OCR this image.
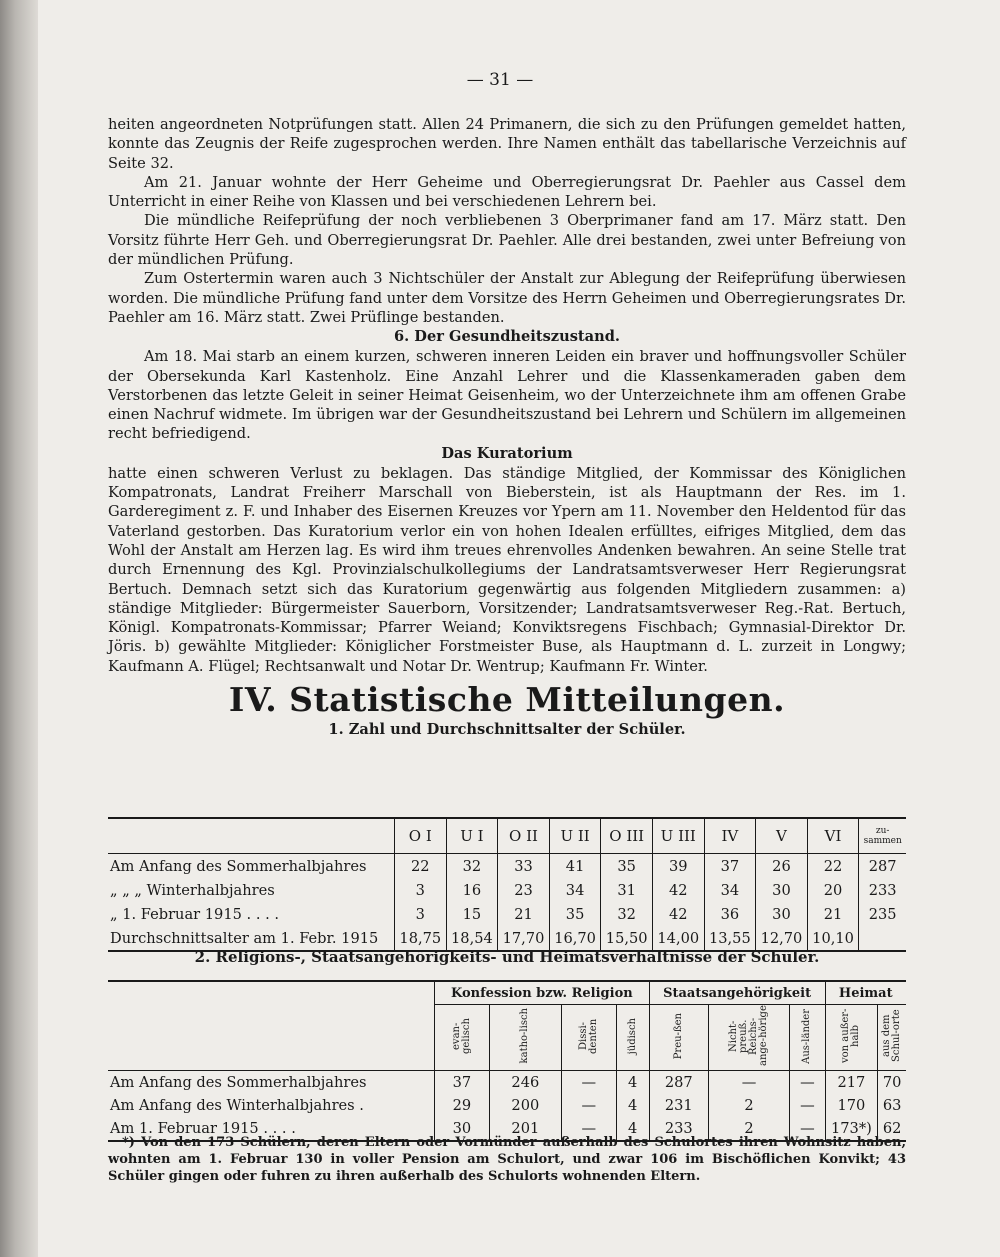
— 31 —

heiten angeordneten Notprüfungen statt. Allen 24 Primanern, die sich zu den Prüfungen gemeldet hatten, konnte das Zeugnis der Reife zugesprochen werden. Ihre Namen enthält das tabellarische Verzeichnis auf Seite 32.

Am 21. Januar wohnte der Herr Geheime und Oberregierungsrat Dr. Paehler aus Cassel dem Unterricht in einer Reihe von Klassen und bei verschiedenen Lehrern bei.

Die mündliche Reifeprüfung der noch verbliebenen 3 Oberprimaner fand am 17. März statt. Den Vorsitz führte Herr Geh. und Oberregierungsrat Dr. Paehler. Alle drei bestanden, zwei unter Befreiung von der mündlichen Prüfung.

Zum Ostertermin waren auch 3 Nichtschüler der Anstalt zur Ablegung der Reifeprüfung überwiesen worden. Die mündliche Prüfung fand unter dem Vorsitze des Herrn Geheimen und Oberregierungsrates Dr. Paehler am 16. März statt. Zwei Prüflinge bestanden.

6. Der Gesundheitszustand.

Am 18. Mai starb an einem kurzen, schweren inneren Leiden ein braver und hoffnungsvoller Schüler der Obersekunda Karl Kastenholz. Eine Anzahl Lehrer und die Klassenkameraden gaben dem Verstorbenen das letzte Geleit in seiner Heimat Geisenheim, wo der Unterzeichnete ihm am offenen Grabe einen Nachruf widmete. Im übrigen war der Gesundheitszustand bei Lehrern und Schülern im allgemeinen recht befriedigend.

Das Kuratorium

hatte einen schweren Verlust zu beklagen. Das ständige Mitglied, der Kommissar des Königlichen Kompatronats, Landrat Freiherr Marschall von Bieberstein, ist als Hauptmann der Res. im 1. Garderegiment z. F. und Inhaber des Eisernen Kreuzes vor Ypern am 11. November den Heldentod für das Vaterland gestorben. Das Kuratorium verlor ein von hohen Idealen erfülltes, eifriges Mitglied, dem das Wohl der Anstalt am Herzen lag. Es wird ihm treues ehrenvolles Andenken bewahren. An seine Stelle trat durch Ernennung des Kgl. Provinzialschulkollegiums der Landratsamtsverweser Herr Regierungsrat Bertuch. Demnach setzt sich das Kuratorium gegenwärtig aus folgenden Mitgliedern zusammen: a) ständige Mitglieder: Bürgermeister Sauerborn, Vorsitzender; Landratsamtsverweser Reg.-Rat. Bertuch, Königl. Kompatronats-Kommissar; Pfarrer Weiand; Konviktsregens Fischbach; Gymnasial-Direktor Dr. Jöris. b) gewählte Mitglieder: Königlicher Forstmeister Buse, als Hauptmann d. L. zurzeit in Longwy; Kaufmann A. Flügel; Rechtsanwalt und Notar Dr. Wentrup; Kaufmann Fr. Winter.

IV. Statistische Mitteilungen.
1. Zahl und Durchschnittsalter der Schüler.
	O I	U I	O II	U II	O III	U III	IV	V	VI	zu-
sammen

Am Anfang des Sommerhalbjahres	22	32	33	41	35	39	37	26	22	287
„ „ „ Winterhalbjahres	3	16	23	34	31	42	34	30	20	233
„ 1. Februar 1915 . . . .	3	15	21	35	32	42	36	30	21	235
Durchschnittsalter am 1. Febr. 1915	18,75	18,54	17,70	16,70	15,50	14,00	13,55	12,70	10,10	
2. Religions-, Staatsangehörigkeits- und Heimatsverhältnisse der Schüler.
	Konfession bzw. Religion				Staatsangehörigkeit			Heimat	
	evan-gelisch	katho-lisch	Dissi-denten	jüdisch	Preu-ßen	Nicht-preuß. Reichs-ange-hörige	Aus-länder	von außer-halb	aus dem Schul-orte
Am Anfang des Sommerhalbjahres	37	246	—	4	287	—	—	217	70
Am Anfang des Winterhalbjahres .	29	200	—	4	231	2	—	170	63
Am 1. Februar 1915 . . . .	30	201	—	4	233	2	—	173*)	62

*) Von den 173 Schülern, deren Eltern oder Vormünder außerhalb des Schulortes ihren Wohnsitz haben, wohnten am 1. Februar 130 in voller Pension am Schulort, und zwar 106 im Bischöflichen Konvikt; 43 Schüler gingen oder fuhren zu ihren außerhalb des Schulorts wohnenden Eltern.
